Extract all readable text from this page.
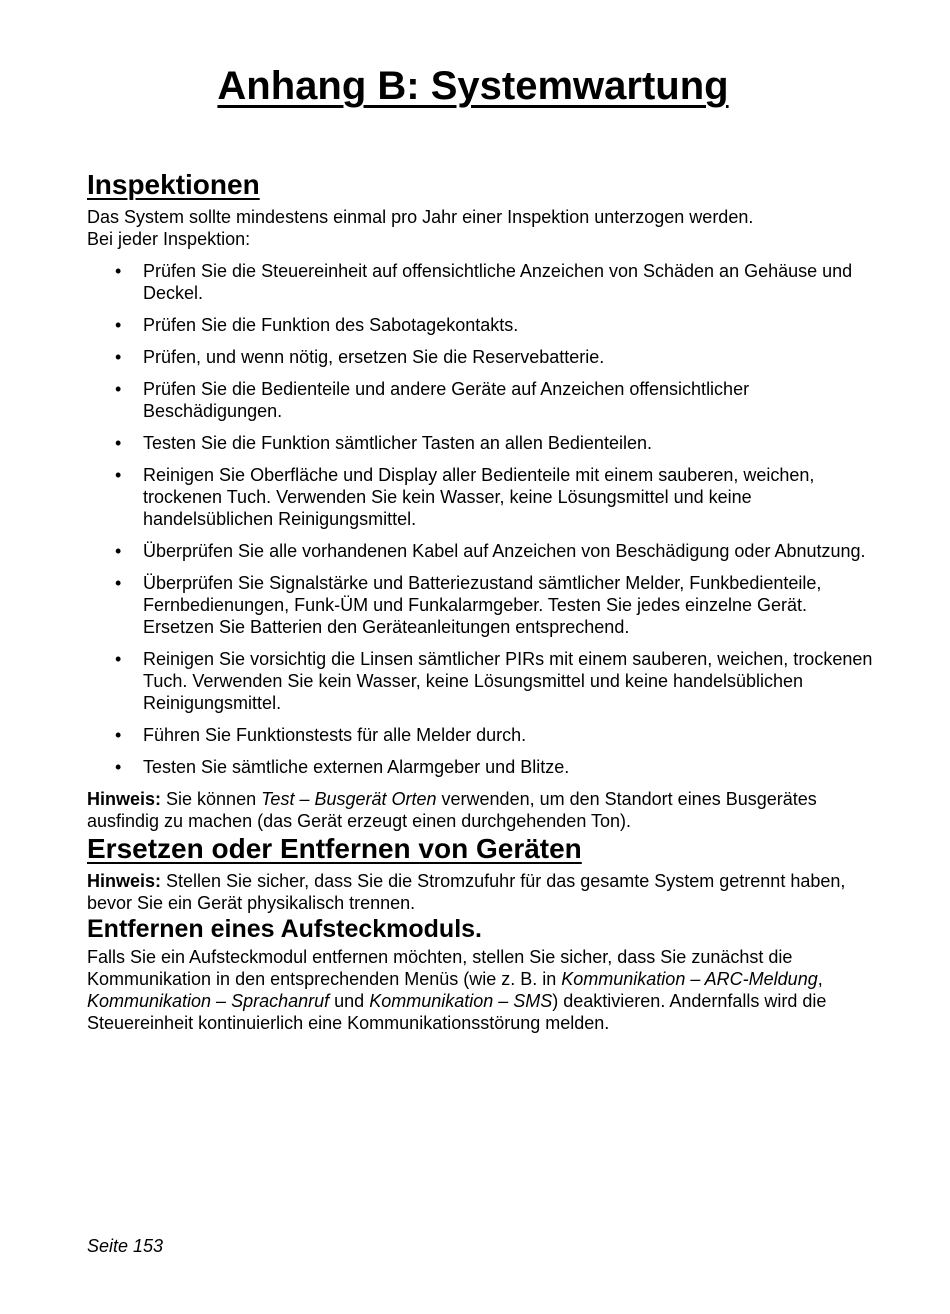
Anhang B: Systemwartung
Inspektionen

Das System sollte mindestens einmal pro Jahr einer Inspektion unterzogen werden.
Bei jeder Inspektion:

• Prüfen Sie die Steuereinheit auf offensichtliche Anzeichen von Schäden an Gehäuse und Deckel.
• Prüfen Sie die Funktion des Sabotagekontakts.
• Prüfen, und wenn nötig, ersetzen Sie die Reservebatterie.
• Prüfen Sie die Bedienteile und andere Geräte auf Anzeichen offensichtlicher Beschädigungen.
• Testen Sie die Funktion sämtlicher Tasten an allen Bedienteilen.
• Reinigen Sie Oberfläche und Display aller Bedienteile mit einem sauberen, weichen, trockenen Tuch. Verwenden Sie kein Wasser, keine Lösungsmittel und keine handelsüblichen Reinigungsmittel.
• Überprüfen Sie alle vorhandenen Kabel auf Anzeichen von Beschädigung oder Abnutzung.
• Überprüfen Sie Signalstärke und Batteriezustand sämtlicher Melder, Funkbedienteile, Fernbedienungen, Funk-ÜM und Funkalarmgeber. Testen Sie jedes einzelne Gerät. Ersetzen Sie Batterien den Geräteanleitungen entsprechend.
• Reinigen Sie vorsichtig die Linsen sämtlicher PIRs mit einem sauberen, weichen, trockenen Tuch. Verwenden Sie kein Wasser, keine Lösungsmittel und keine handelsüblichen Reinigungsmittel.
• Führen Sie Funktionstests für alle Melder durch.
• Testen Sie sämtliche externen Alarmgeber und Blitze.

Hinweis: Sie können Test – Busgerät Orten verwenden, um den Standort eines Busgerätes ausfindig zu machen (das Gerät erzeugt einen durchgehenden Ton).

Ersetzen oder Entfernen von Geräten

Hinweis: Stellen Sie sicher, dass Sie die Stromzufuhr für das gesamte System getrennt haben, bevor Sie ein Gerät physikalisch trennen.

Entfernen eines Aufsteckmoduls.

Falls Sie ein Aufsteckmodul entfernen möchten, stellen Sie sicher, dass Sie zunächst die Kommunikation in den entsprechenden Menüs (wie z. B. in Kommunikation – ARC-Meldung, Kommunikation – Sprachanruf und Kommunikation – SMS) deaktivieren. Andernfalls wird die Steuereinheit kontinuierlich eine Kommunikationsstörung melden.

Seite 153
